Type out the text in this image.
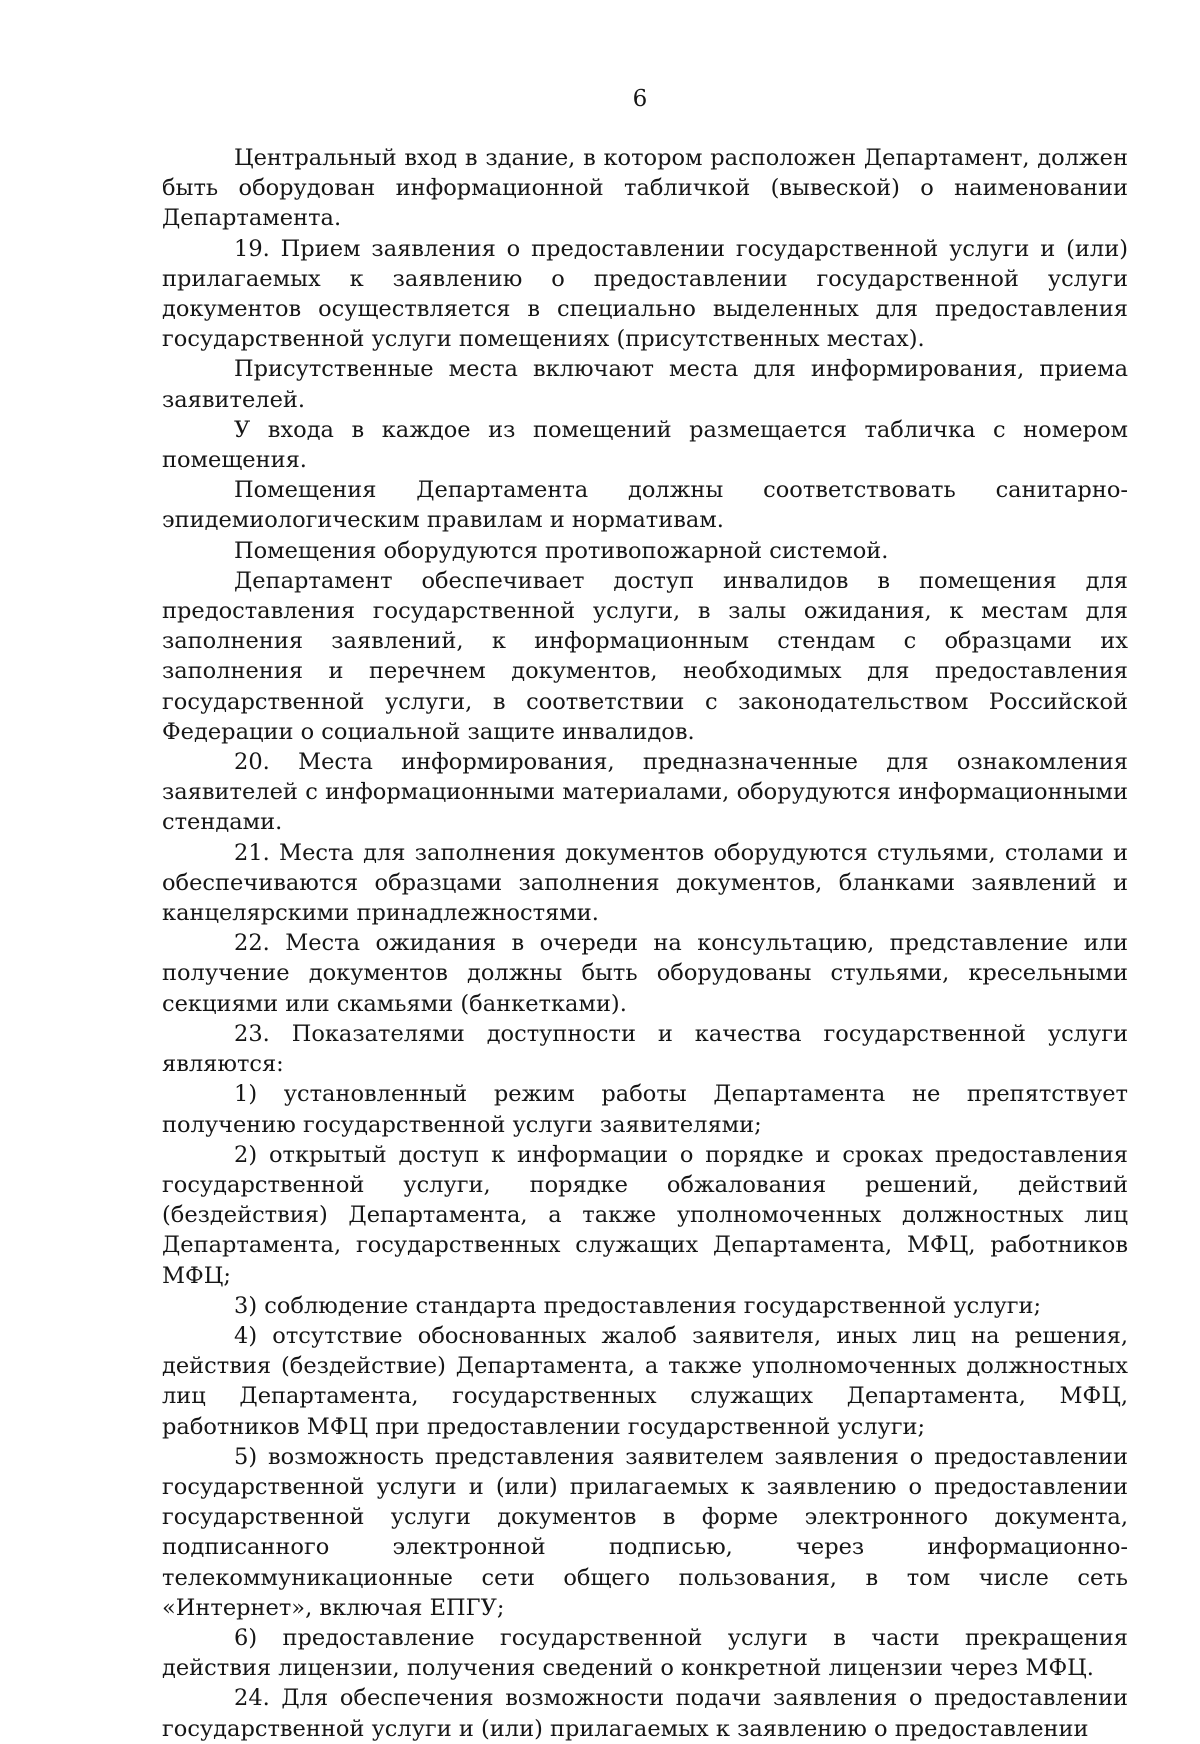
6

Центральный вход в здание, в котором расположен Департамент, должен быть оборудован информационной табличкой (вывеской) о наименовании Департамента.

19. Прием заявления о предоставлении государственной услуги и (или) прилагаемых к заявлению о предоставлении государственной услуги документов осуществляется в специально выделенных для предоставления государственной услуги помещениях (присутственных местах).

Присутственные места включают места для информирования, приема заявителей.

У входа в каждое из помещений размещается табличка с номером помещения.

Помещения Департамента должны соответствовать санитарно-эпидемиологическим правилам и нормативам.

Помещения оборудуются противопожарной системой.

Департамент обеспечивает доступ инвалидов в помещения для предоставления государственной услуги, в залы ожидания, к местам для заполнения заявлений, к информационным стендам с образцами их заполнения и перечнем документов, необходимых для предоставления государственной услуги, в соответствии с законодательством Российской Федерации о социальной защите инвалидов.

20. Места информирования, предназначенные для ознакомления заявителей с информационными материалами, оборудуются информационными стендами.

21. Места для заполнения документов оборудуются стульями, столами и обеспечиваются образцами заполнения документов, бланками заявлений и канцелярскими принадлежностями.

22. Места ожидания в очереди на консультацию, представление или получение документов должны быть оборудованы стульями, кресельными секциями или скамьями (банкетками).

23. Показателями доступности и качества государственной услуги являются:

1) установленный режим работы Департамента не препятствует получению государственной услуги заявителями;

2) открытый доступ к информации о порядке и сроках предоставления государственной услуги, порядке обжалования решений, действий (бездействия) Департамента, а также уполномоченных должностных лиц Департамента, государственных служащих Департамента, МФЦ, работников МФЦ;

3) соблюдение стандарта предоставления государственной услуги;

4) отсутствие обоснованных жалоб заявителя, иных лиц на решения, действия (бездействие) Департамента, а также уполномоченных должностных лиц Департамента, государственных служащих Департамента, МФЦ, работников МФЦ при предоставлении государственной услуги;

5) возможность представления заявителем заявления о предоставлении государственной услуги и (или) прилагаемых к заявлению о предоставлении государственной услуги документов в форме электронного документа, подписанного электронной подписью, через информационно-телекоммуникационные сети общего пользования, в том числе сеть «Интернет», включая ЕПГУ;

6) предоставление государственной услуги в части прекращения действия лицензии, получения сведений о конкретной лицензии через МФЦ.

24. Для обеспечения возможности подачи заявления о предоставлении государственной услуги и (или) прилагаемых к заявлению о предоставлении
